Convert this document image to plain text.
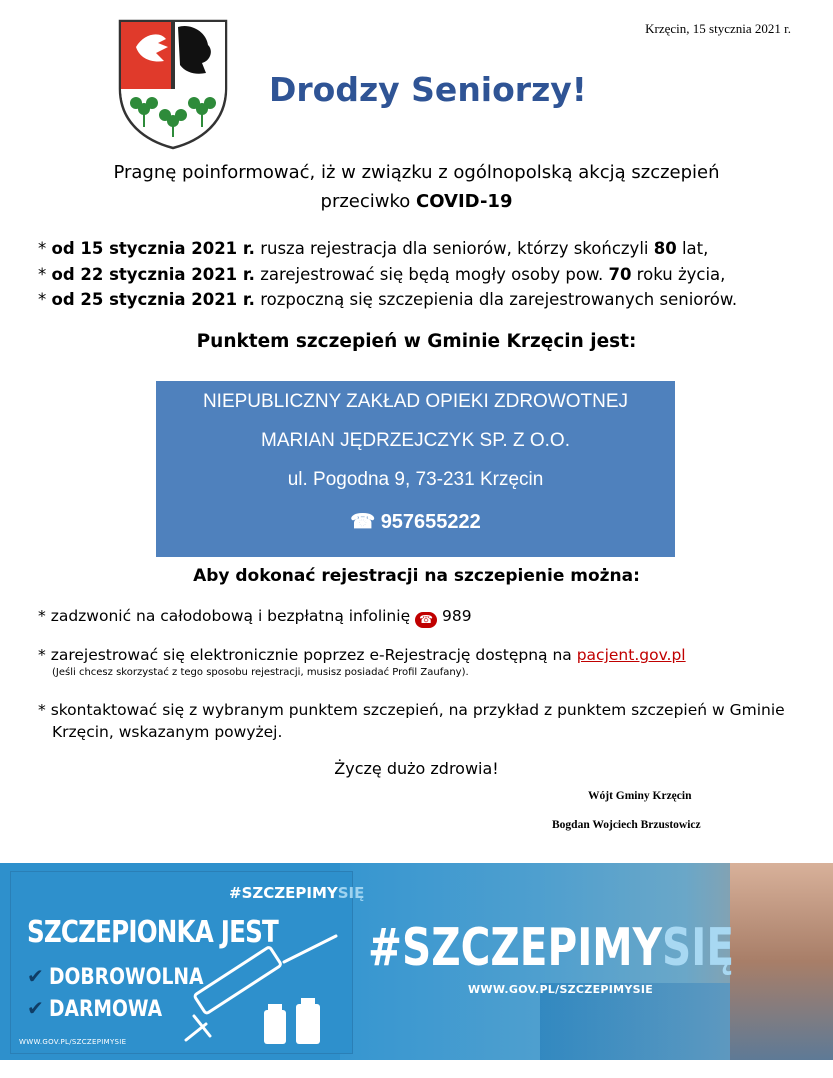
Krzęcin, 15 stycznia 2021 r.
Drodzy Seniorzy!
Pragnę poinformować, iż w związku z ogólnopolską akcją szczepień
przeciwko COVID-19
* od 15 stycznia 2021 r. rusza rejestracja dla seniorów, którzy skończyli 80 lat,
* od 22 stycznia 2021 r. zarejestrować się będą mogły osoby pow. 70 roku życia,
* od 25 stycznia 2021 r. rozpoczną się szczepienia dla zarejestrowanych seniorów.
Punktem szczepień w Gminie Krzęcin jest:
NIEPUBLICZNY ZAKŁAD OPIEKI ZDROWOTNEJ
MARIAN JĘDRZEJCZYK SP. Z O.O.
ul. Pogodna 9, 73-231 Krzęcin
☎ 957655222
Aby dokonać rejestracji na szczepienie można:
* zadzwonić na całodobową i bezpłatną infolinię ☎ 989
* zarejestrować się elektronicznie poprzez e-Rejestrację dostępną na pacjent.gov.pl
(Jeśli chcesz skorzystać z tego sposobu rejestracji, musisz posiadać Profil Zaufany).
* skontaktować się z wybranym punktem szczepień, na przykład z punktem szczepień w Gminie
Krzęcin, wskazanym powyżej.
Życzę dużo zdrowia!
Wójt Gminy Krzęcin
Bogdan Wojciech Brzustowicz
#SZCZEPIMYSIĘ
SZCZEPIONKA JEST
✔ DOBROWOLNA
✔ DARMOWA
WWW.GOV.PL/SZCZEPIMYSIE
#SZCZEPIMYSIĘ
WWW.GOV.PL/SZCZEPIMYSIE
